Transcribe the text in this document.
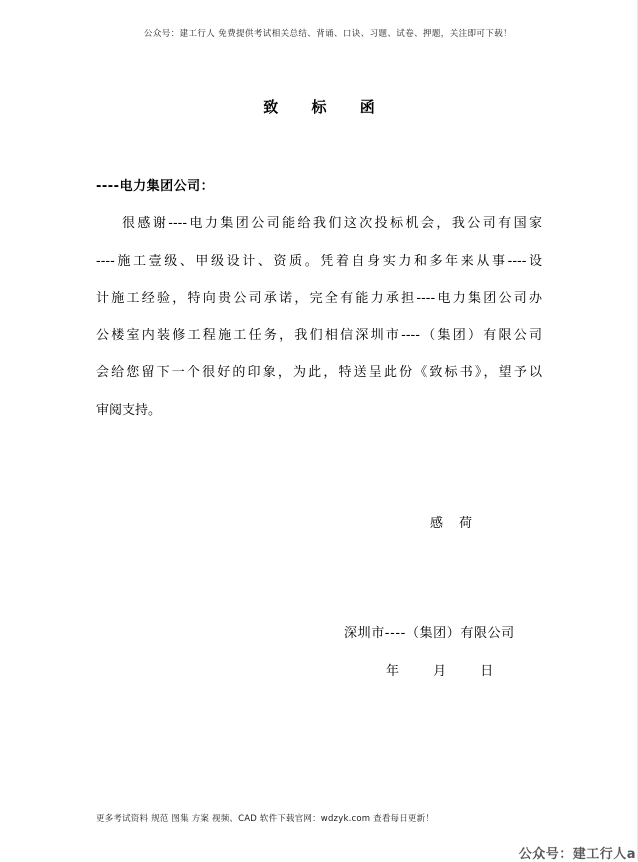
公众号：建工行人 免费提供考试相关总结、背诵、口诀、习题、试卷、押题，关注即可下载！
致 标 函
----电力集团公司：
很感谢----电力集团公司能给我们这次投标机会，我公司有国家
----施工壹级、甲级设计、资质。凭着自身实力和多年来从事----设
计施工经验，特向贵公司承诺，完全有能力承担----电力集团公司办
公楼室内装修工程施工任务，我们相信深圳市----（集团）有限公司
会给您留下一个很好的印象，为此，特送呈此份《致标书》，望予以
审阅支持。
感荷
深圳市----（集团）有限公司
年 月 日
更多考试资料 规范 图集 方案 视频、CAD 软件下载官网：wdzyk.com 查看每日更新！
公众号：建工行人a
